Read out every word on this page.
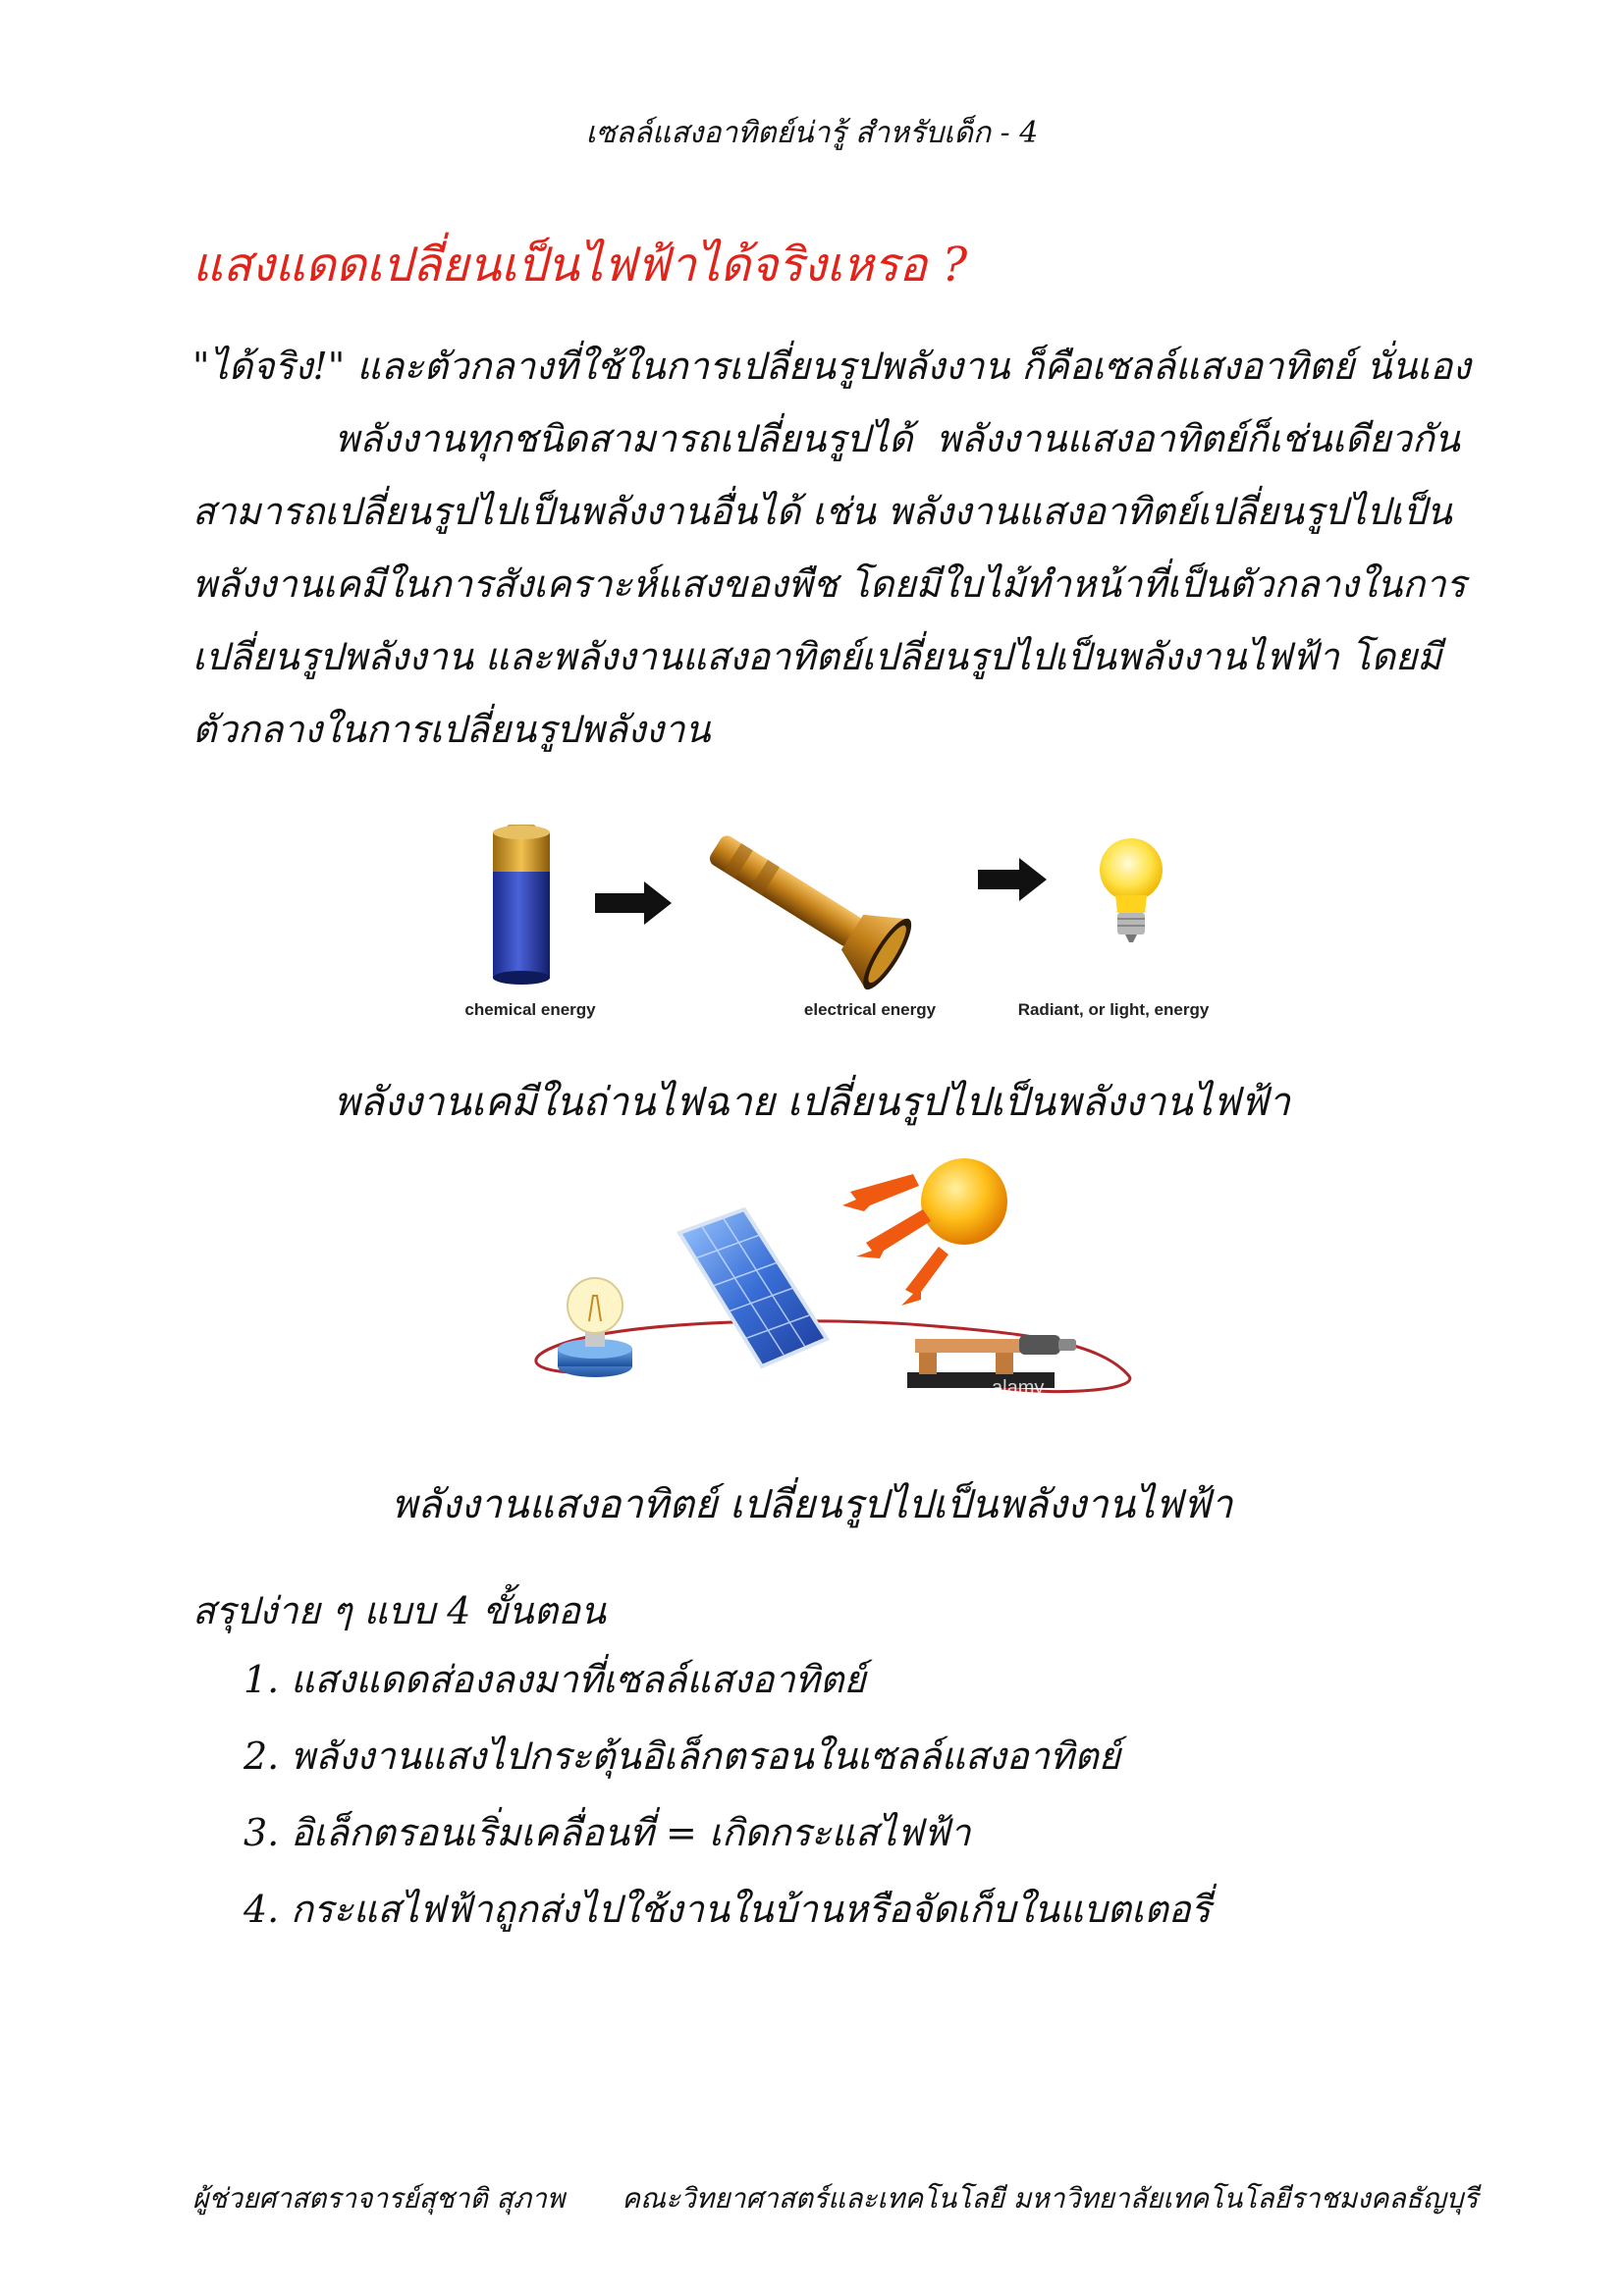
เซลล์แสงอาทิตย์น่ารู้ สำหรับเด็ก - 4
แสงแดดเปลี่ยนเป็นไฟฟ้าได้จริงเหรอ ?
"ได้จริง!" และตัวกลางที่ใช้ในการเปลี่ยนรูปพลังงาน ก็คือเซลล์แสงอาทิตย์ นั่นเอง
พลังงานทุกชนิดสามารถเปลี่ยนรูปได้  พลังงานแสงอาทิตย์ก็เช่นเดียวกัน
สามารถเปลี่ยนรูปไปเป็นพลังงานอื่นได้ เช่น พลังงานแสงอาทิตย์เปลี่ยนรูปไปเป็น
พลังงานเคมีในการสังเคราะห์แสงของพืช โดยมีใบไม้ทำหน้าที่เป็นตัวกลางในการ
เปลี่ยนรูปพลังงาน และพลังงานแสงอาทิตย์เปลี่ยนรูปไปเป็นพลังงานไฟฟ้า โดยมี
ตัวกลางในการเปลี่ยนรูปพลังงาน
chemical energy	electrical energy	Radiant, or light, energy
พลังงานเคมีในถ่านไฟฉาย เปลี่ยนรูปไปเป็นพลังงานไฟฟ้า
alamy
พลังงานแสงอาทิตย์ เปลี่ยนรูปไปเป็นพลังงานไฟฟ้า
สรุปง่าย ๆ แบบ 4 ขั้นตอน
1. แสงแดดส่องลงมาที่เซลล์แสงอาทิตย์
2. พลังงานแสงไปกระตุ้นอิเล็กตรอนในเซลล์แสงอาทิตย์
3. อิเล็กตรอนเริ่มเคลื่อนที่ = เกิดกระแสไฟฟ้า
4. กระแสไฟฟ้าถูกส่งไปใช้งานในบ้านหรือจัดเก็บในแบตเตอรี่
ผู้ช่วยศาสตราจารย์สุชาติ สุภาพ คณะวิทยาศาสตร์และเทคโนโลยี มหาวิทยาลัยเทคโนโลยีราชมงคลธัญบุรี
